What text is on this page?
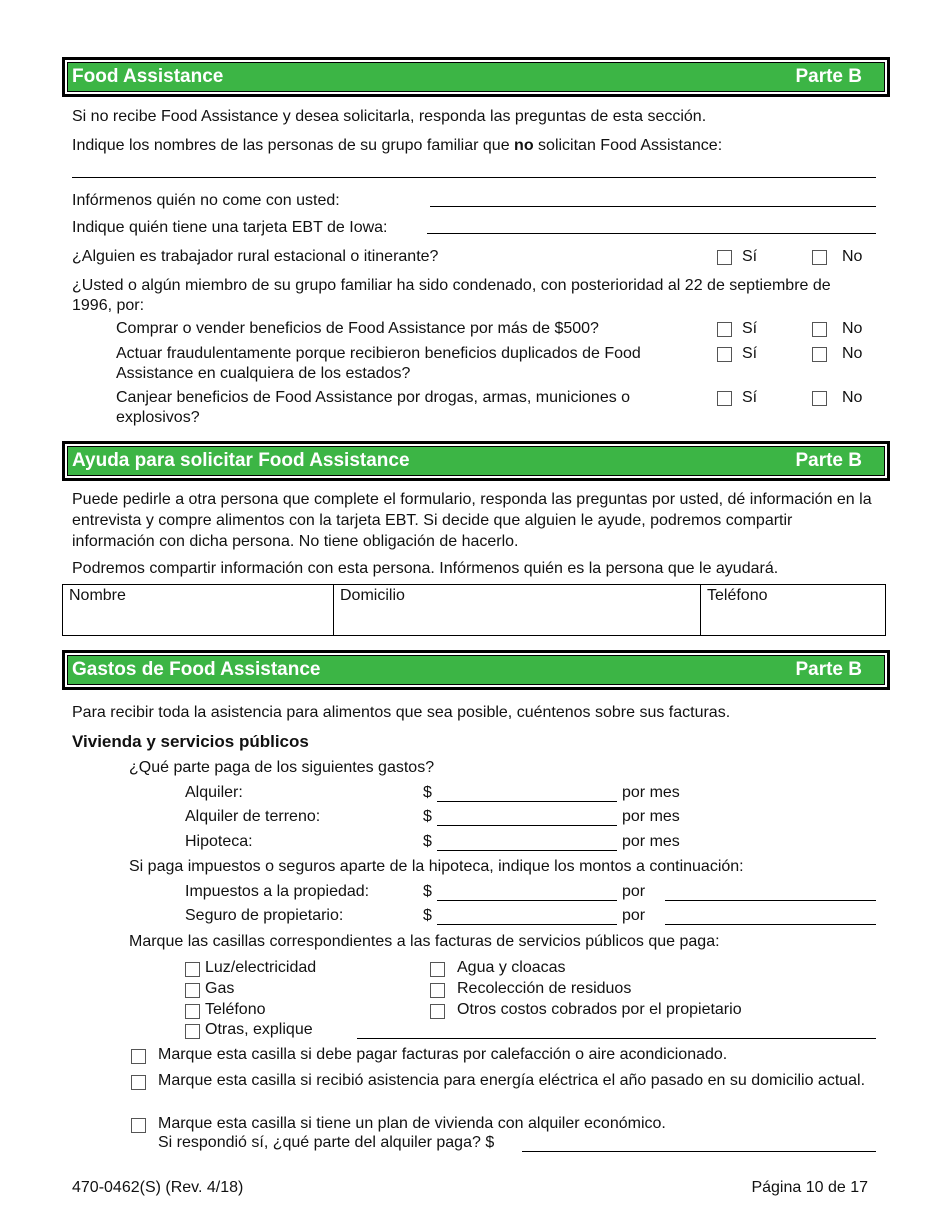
Food Assistance	Parte B
Si no recibe Food Assistance y desea solicitarla, responda las preguntas de esta sección.
Indique los nombres de las personas de su grupo familiar que no solicitan Food Assistance:
Infórmenos quién no come con usted:
Indique quién tiene una tarjeta EBT de Iowa:
¿Alguien es trabajador rural estacional o itinerante?	Sí	No
¿Usted o algún miembro de su grupo familiar ha sido condenado, con posterioridad al 22 de septiembre de 1996, por:
Comprar o vender beneficios de Food Assistance por más de $500?	Sí	No
Actuar fraudulentamente porque recibieron beneficios duplicados de Food Assistance en cualquiera de los estados?
Sí	No
Canjear beneficios de Food Assistance por drogas, armas, municiones o explosivos?
Sí	No
Ayuda para solicitar Food Assistance	Parte B
Puede pedirle a otra persona que complete el formulario, responda las preguntas por usted, dé información en la entrevista y compre alimentos con la tarjeta EBT. Si decide que alguien le ayude, podremos compartir información con dicha persona. No tiene obligación de hacerlo.
Podremos compartir información con esta persona. Infórmenos quién es la persona que le ayudará.
Nombre	Domicilio	Teléfono
Gastos de Food Assistance	Parte B
Para recibir toda la asistencia para alimentos que sea posible, cuéntenos sobre sus facturas.
Vivienda y servicios públicos
¿Qué parte paga de los siguientes gastos?
Alquiler:	$	por mes
Alquiler de terreno:	$	por mes
Hipoteca:	$	por mes
Si paga impuestos o seguros aparte de la hipoteca, indique los montos a continuación:
Impuestos a la propiedad:	$	por
Seguro de propietario:	$	por
Marque las casillas correspondientes a las facturas de servicios públicos que paga:
Luz/electricidad
Gas
Teléfono
Otras, explique
Agua y cloacas
Recolección de residuos
Otros costos cobrados por el propietario
Marque esta casilla si debe pagar facturas por calefacción o aire acondicionado.
Marque esta casilla si recibió asistencia para energía eléctrica el año pasado en su domicilio actual.
Marque esta casilla si tiene un plan de vivienda con alquiler económico.
Si respondió sí, ¿qué parte del alquiler paga? $
470-0462(S) (Rev. 4/18)	Página 10 de 17
